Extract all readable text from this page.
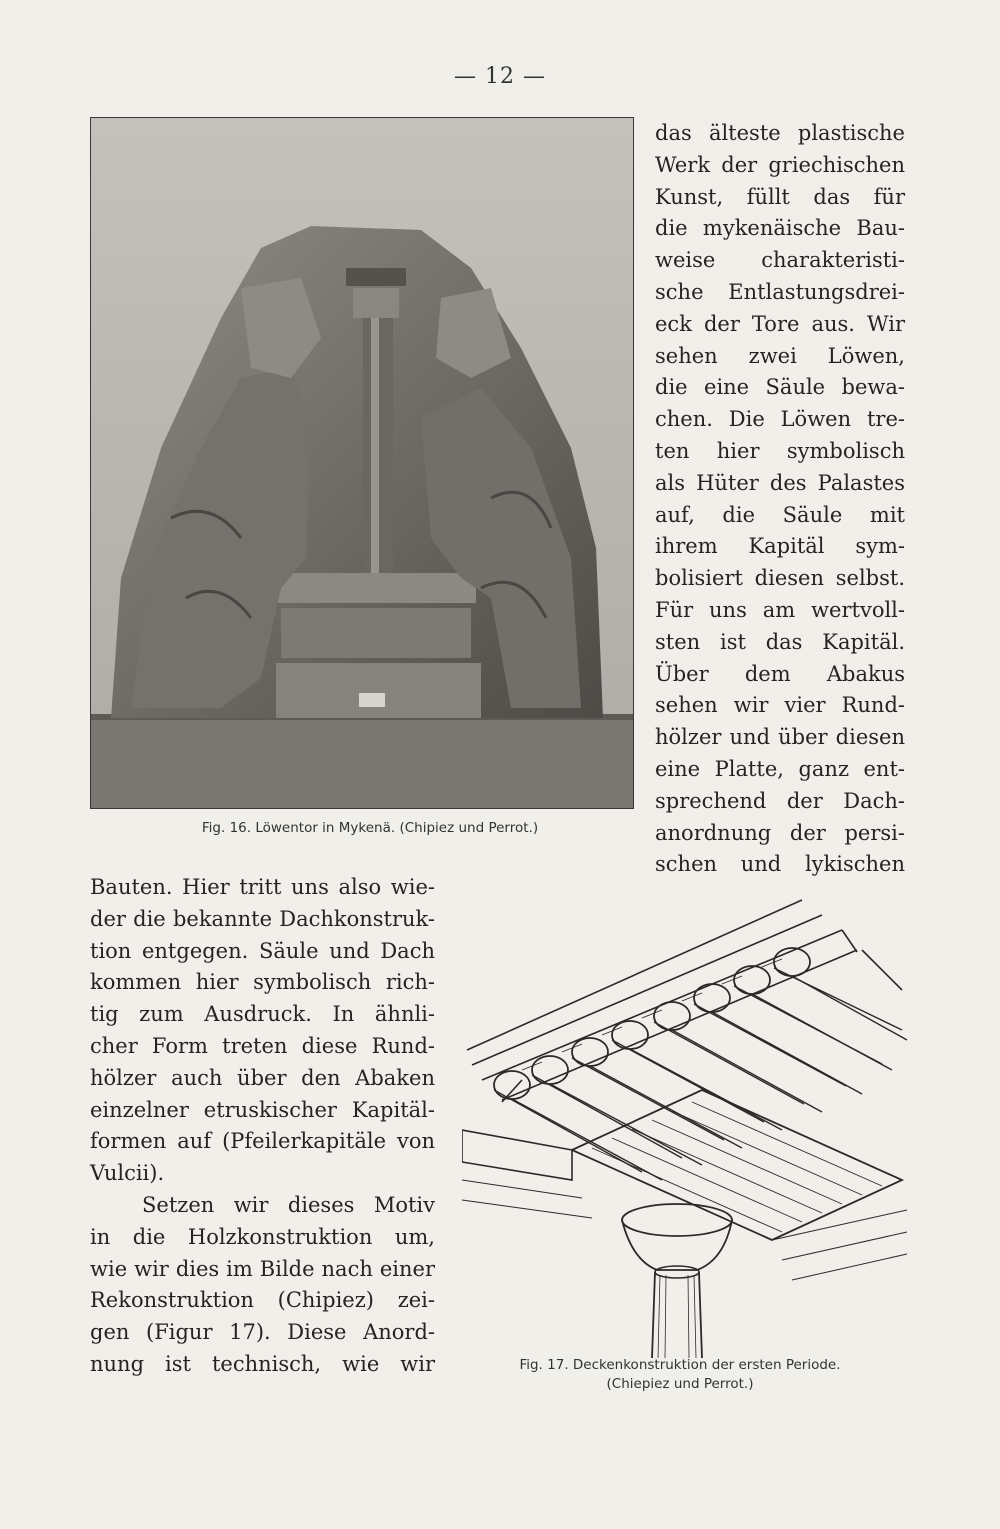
— 12 —
Fig. 16. Löwentor in Mykenä. (Chipiez und Perrot.)
das älteste plastische
Werk der griechischen
Kunst, füllt das für
die mykenäische Bau-
weise charakteristi-
sche Entlastungsdrei-
eck der Tore aus. Wir
sehen zwei Löwen,
die eine Säule bewa-
chen. Die Löwen tre-
ten hier symbolisch
als Hüter des Palastes
auf, die Säule mit
ihrem Kapitäl sym-
bolisiert diesen selbst.
Für uns am wertvoll-
sten ist das Kapitäl.
Über dem Abakus
sehen wir vier Rund-
hölzer und über diesen
eine Platte, ganz ent-
sprechend der Dach-
anordnung der persi-
schen und lykischen
Bauten. Hier tritt uns also wie-
der die bekannte Dachkonstruk-
tion entgegen. Säule und Dach
kommen hier symbolisch rich-
tig zum Ausdruck. In ähnli-
cher Form treten diese Rund-
hölzer auch über den Abaken
einzelner etruskischer Kapitäl-
formen auf (Pfeilerkapitäle von
Vulcii).
Setzen wir dieses Motiv
in die Holzkonstruktion um,
wie wir dies im Bilde nach einer
Rekonstruktion (Chipiez) zei-
gen (Figur 17). Diese Anord-
nung ist technisch, wie wir	Fig. 17. Deckenkonstruktion der ersten Periode.
(Chiepiez und Perrot.)
